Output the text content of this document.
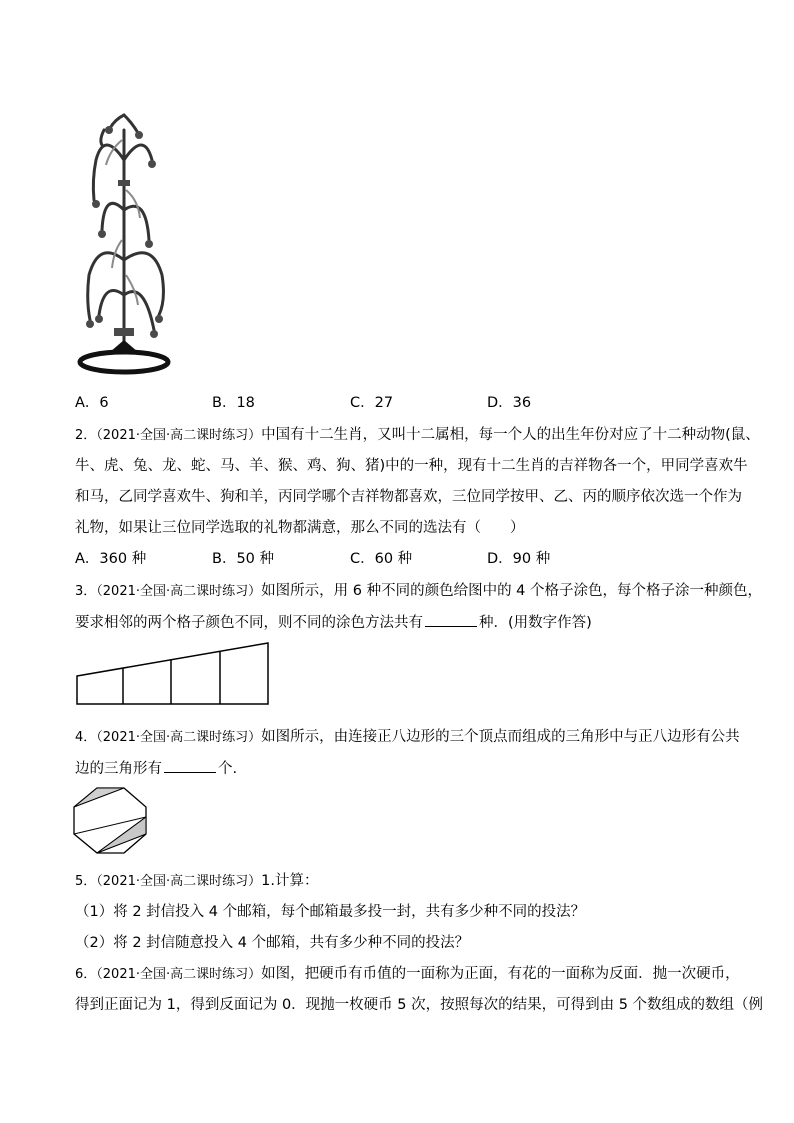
A．6	B．18	C．27	D．36
2．（2021·全国·高二课时练习）中国有十二生肖，又叫十二属相，每一个人的出生年份对应了十二种动物(鼠、
牛、虎、兔、龙、蛇、马、羊、猴、鸡、狗、猪)中的一种，现有十二生肖的吉祥物各一个，甲同学喜欢牛
和马，乙同学喜欢牛、狗和羊，丙同学哪个吉祥物都喜欢，三位同学按甲、乙、丙的顺序依次选一个作为
礼物，如果让三位同学选取的礼物都满意，那么不同的选法有（　　）
A．360 种	B．50 种	C．60 种	D．90 种
3．（2021·全国·高二课时练习）如图所示，用 6 种不同的颜色给图中的 4 个格子涂色，每个格子涂一种颜色，
要求相邻的两个格子颜色不同，则不同的涂色方法共有	种．(用数字作答)
4．（2021·全国·高二课时练习）如图所示，由连接正八边形的三个顶点而组成的三角形中与正八边形有公共
边的三角形有	个.
5．（2021·全国·高二课时练习）1.计算：
（1）将 2 封信投入 4 个邮箱，每个邮箱最多投一封，共有多少种不同的投法？
（2）将 2 封信随意投入 4 个邮箱，共有多少种不同的投法？
6．（2021·全国·高二课时练习）如图，把硬币有币值的一面称为正面，有花的一面称为反面．抛一次硬币，
得到正面记为 1，得到反面记为 0．现抛一枚硬币 5 次，按照每次的结果，可得到由 5 个数组成的数组（例
